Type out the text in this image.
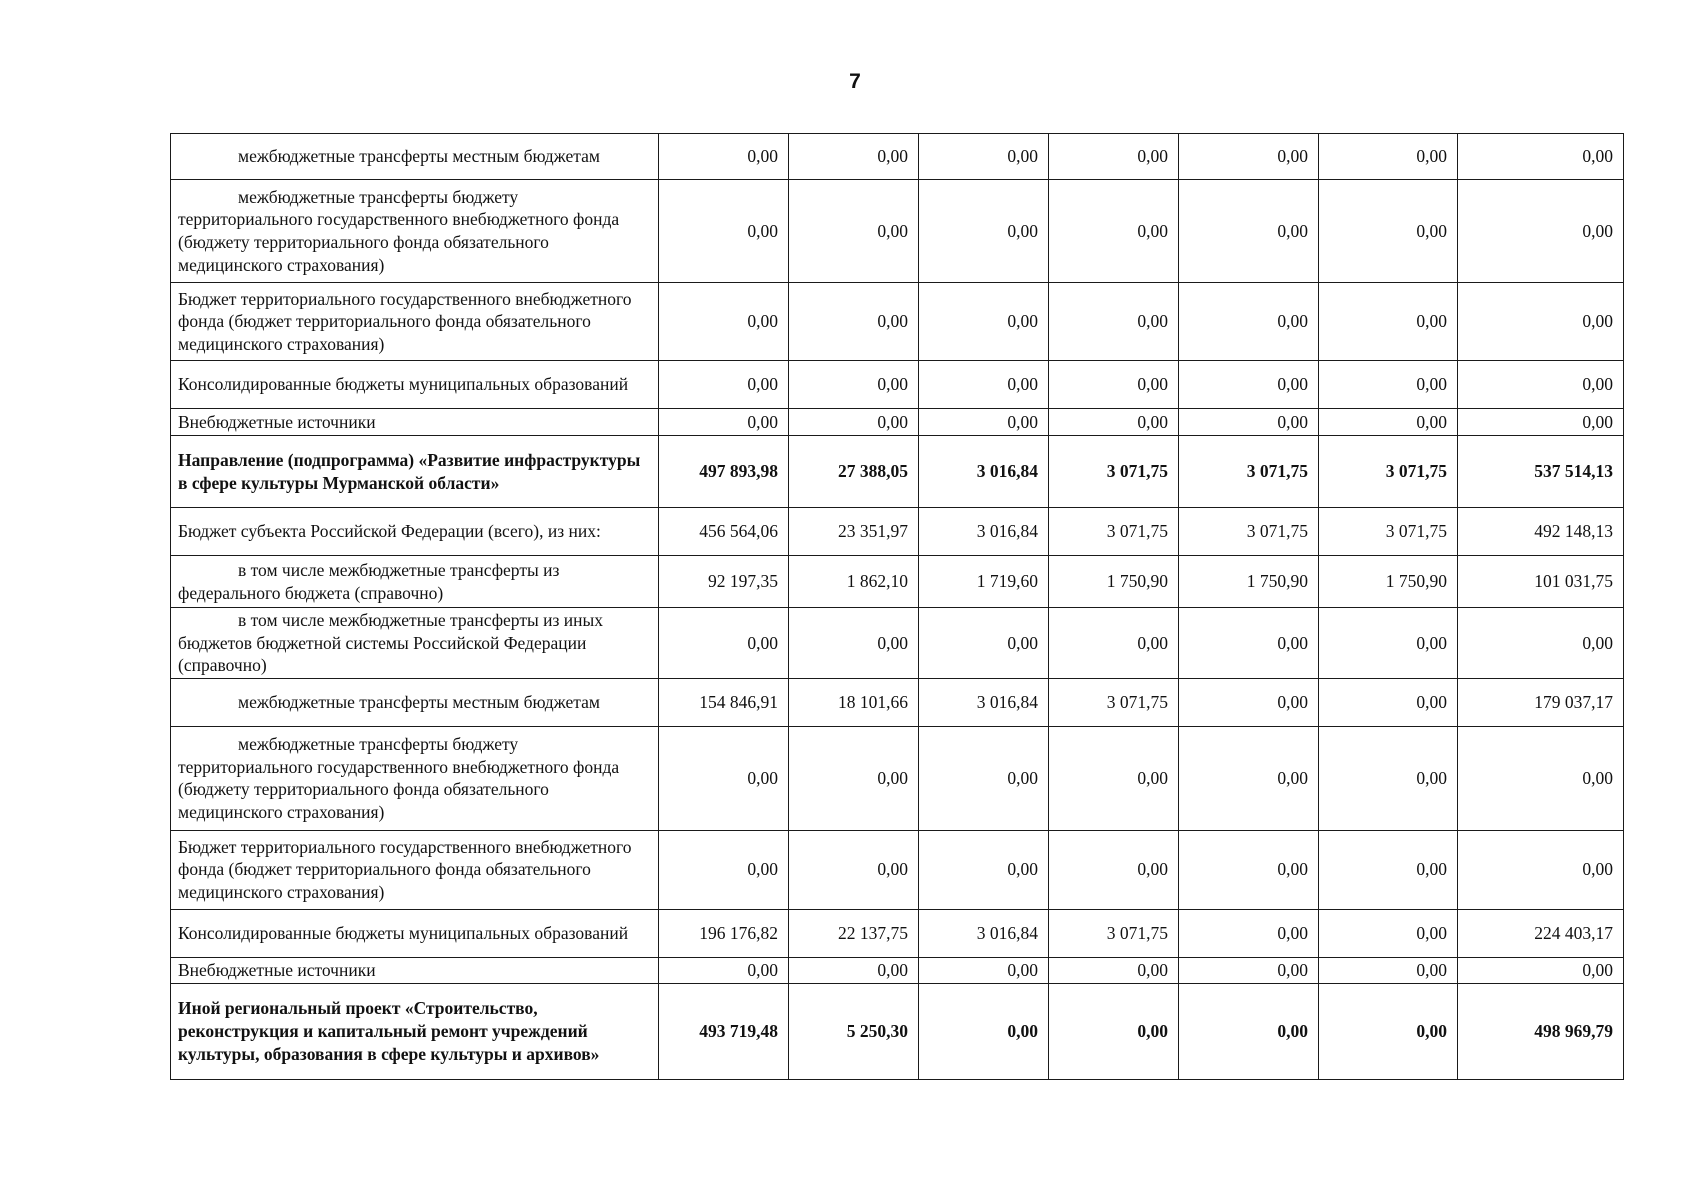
7
межбюджетные трансферты местным бюджетам	0,00	0,00	0,00	0,00	0,00	0,00	0,00
межбюджетные трансферты бюджету территориального государственного внебюджетного фонда (бюджету территориального фонда обязательного медицинского страхования)	0,00	0,00	0,00	0,00	0,00	0,00	0,00
Бюджет территориального государственного внебюджетного фонда (бюджет территориального фонда обязательного медицинского страхования)	0,00	0,00	0,00	0,00	0,00	0,00	0,00
Консолидированные бюджеты муниципальных образований	0,00	0,00	0,00	0,00	0,00	0,00	0,00
Внебюджетные источники	0,00	0,00	0,00	0,00	0,00	0,00	0,00
Направление (подпрограмма) «Развитие инфраструктуры в сфере культуры Мурманской области»	497 893,98	27 388,05	3 016,84	3 071,75	3 071,75	3 071,75	537 514,13
Бюджет субъекта Российской Федерации (всего), из них:	456 564,06	23 351,97	3 016,84	3 071,75	3 071,75	3 071,75	492 148,13
в том числе межбюджетные трансферты из федерального бюджета (справочно)	92 197,35	1 862,10	1 719,60	1 750,90	1 750,90	1 750,90	101 031,75
в том числе межбюджетные трансферты из иных бюджетов бюджетной системы Российской Федерации (справочно)	0,00	0,00	0,00	0,00	0,00	0,00	0,00
межбюджетные трансферты местным бюджетам	154 846,91	18 101,66	3 016,84	3 071,75	0,00	0,00	179 037,17
межбюджетные трансферты бюджету территориального государственного внебюджетного фонда (бюджету территориального фонда обязательного медицинского страхования)	0,00	0,00	0,00	0,00	0,00	0,00	0,00
Бюджет территориального государственного внебюджетного фонда (бюджет территориального фонда обязательного медицинского страхования)	0,00	0,00	0,00	0,00	0,00	0,00	0,00
Консолидированные бюджеты муниципальных образований	196 176,82	22 137,75	3 016,84	3 071,75	0,00	0,00	224 403,17
Внебюджетные источники	0,00	0,00	0,00	0,00	0,00	0,00	0,00
Иной региональный проект «Строительство, реконструкция и капитальный ремонт учреждений культуры, образования в сфере культуры и архивов»	493 719,48	5 250,30	0,00	0,00	0,00	0,00	498 969,79
